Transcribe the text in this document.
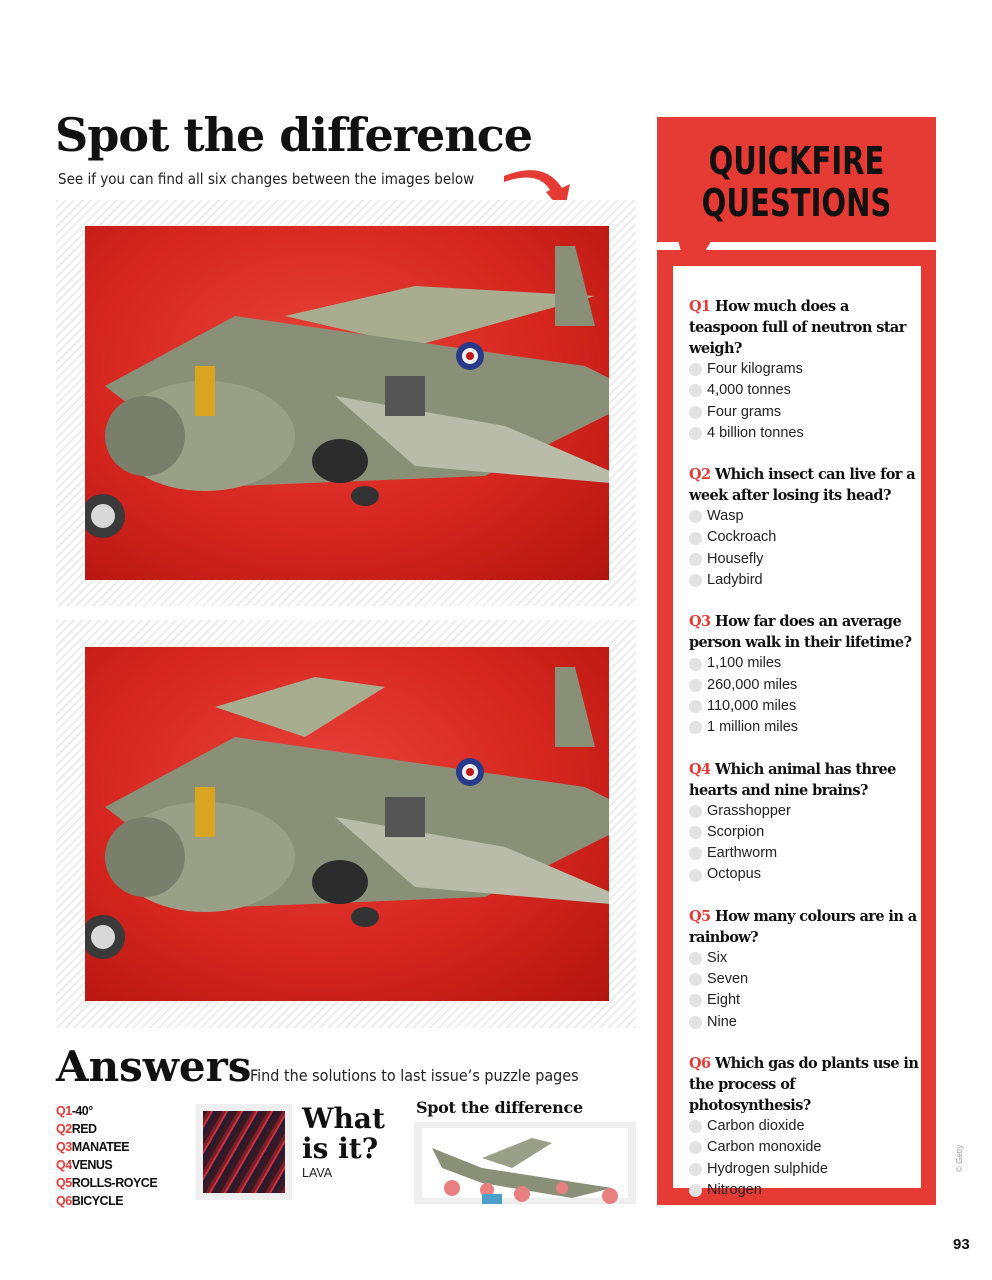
Spot the difference
See if you can find all six changes between the images below	QUICKFIRE
QUESTIONS
Q1 How much does a teaspoon full of neutron star weigh?
Four kilograms
4,000 tonnes
Four grams
4 billion tonnes
Q2 Which insect can live for a week after losing its head?
Wasp
Cockroach
Housefly
Ladybird
Q3 How far does an average person walk in their lifetime?
1,100 miles
260,000 miles
110,000 miles
1 million miles
Q4 Which animal has three hearts and nine brains?
Grasshopper
Scorpion
Earthworm
Octopus
Q5 How many colours are in a rainbow?
Six
Seven
Eight
Nine
Q6 Which gas do plants use in the process of photosynthesis?
Carbon dioxide
Carbon monoxide
Hydrogen sulphide
Nitrogen
Answers
Find the solutions to last issue’s puzzle pages
Q1-40°
Q2RED
Q3MANATEE
Q4VENUS
Q5ROLLS-ROYCE
Q6BICYCLE
What
is it?
LAVA
Spot the difference
© Getty
93
